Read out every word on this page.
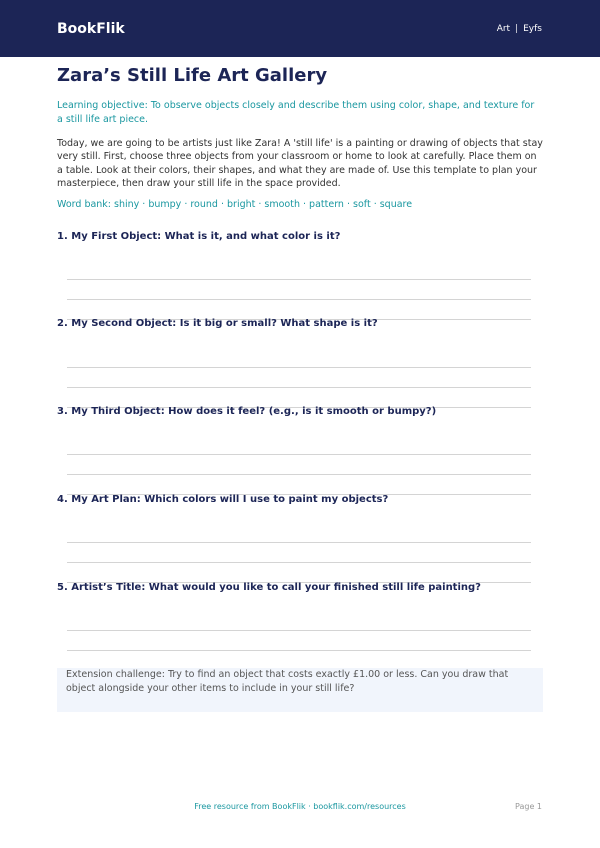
BookFlik	Art | Eyfs
Zara’s Still Life Art Gallery
Learning objective: To observe objects closely and describe them using color, shape, and texture for a still life art piece.
Today, we are going to be artists just like Zara! A 'still life' is a painting or drawing of objects that stay very still. First, choose three objects from your classroom or home to look at carefully. Place them on a table. Look at their colors, their shapes, and what they are made of. Use this template to plan your masterpiece, then draw your still life in the space provided.
Word bank: shiny · bumpy · round · bright · smooth · pattern · soft · square
1. My First Object: What is it, and what color is it?
2. My Second Object: Is it big or small? What shape is it?
3. My Third Object: How does it feel? (e.g., is it smooth or bumpy?)
4. My Art Plan: Which colors will I use to paint my objects?
5. Artist’s Title: What would you like to call your finished still life painting?
Extension challenge: Try to find an object that costs exactly £1.00 or less. Can you draw that object alongside your other items to include in your still life?
Free resource from BookFlik · bookflik.com/resources	Page 1
